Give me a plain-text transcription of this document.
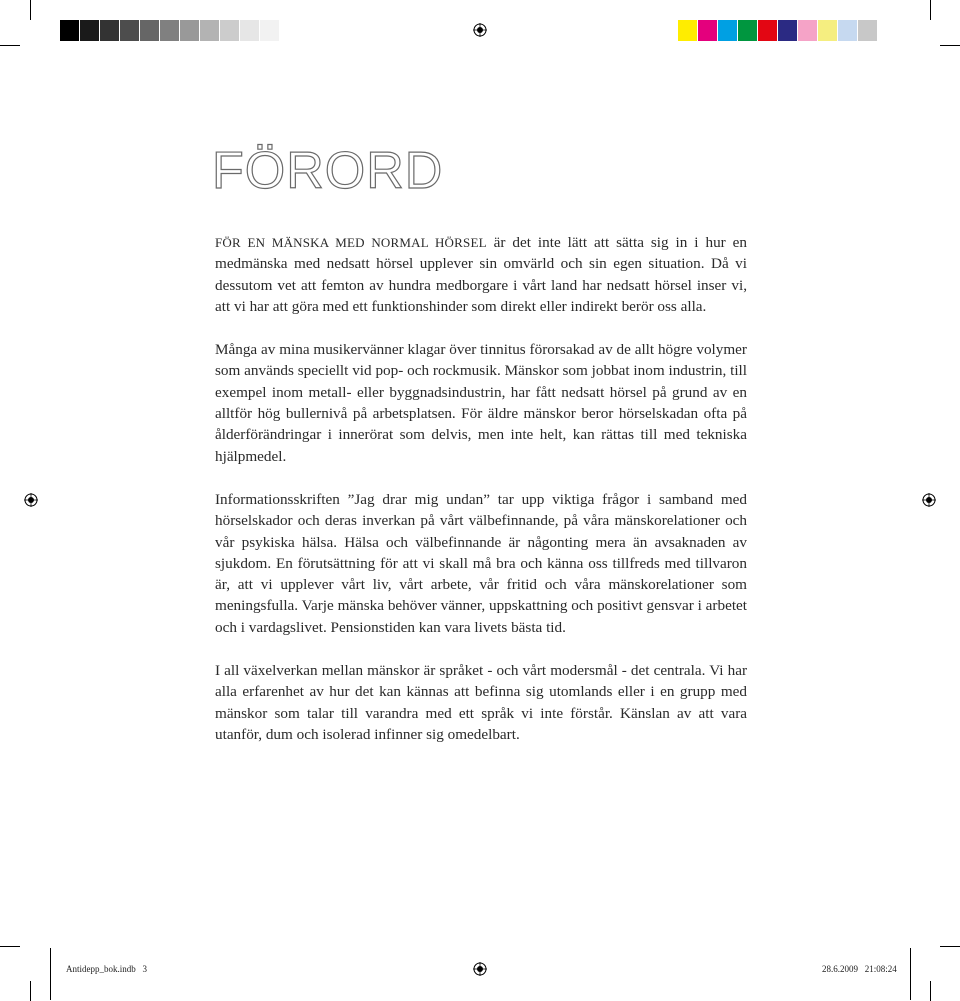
FÖRORD

FÖR EN MÄNSKA MED NORMAL HÖRSEL är det inte lätt att sätta sig in i hur en medmänska med nedsatt hörsel upplever sin omvärld och sin egen situation. Då vi dessutom vet att femton av hundra medborgare i vårt land har nedsatt hörsel inser vi, att vi har att göra med ett funktionshinder som direkt eller indirekt berör oss alla.

Många av mina musikervänner klagar över tinnitus förorsakad av de allt högre volymer som används speciellt vid pop- och rockmusik. Mänskor som jobbat inom industrin, till exempel inom metall- eller byggnadsindustrin, har fått nedsatt hörsel på grund av en alltför hög bullernivå på arbetsplatsen. För äldre mänskor beror hörselskadan ofta på ålderförändringar i innerörat som delvis, men inte helt, kan rättas till med tekniska hjälpmedel.

Informationsskriften ”Jag drar mig undan” tar upp viktiga frågor i samband med hörselskador och deras inverkan på vårt välbefinnande, på våra mänskorelationer och vår psykiska hälsa. Hälsa och välbefinnande är någonting mera än avsaknaden av sjukdom. En förutsättning för att vi skall må bra och känna oss tillfreds med tillvaron är, att vi upplever vårt liv, vårt arbete, vår fritid och våra mänskorelationer som meningsfulla. Varje mänska behöver vänner, uppskattning och positivt gensvar i arbetet och i vardagslivet. Pensionstiden kan vara livets bästa tid.

I all växelverkan mellan mänskor är språket - och vårt modersmål - det centrala. Vi har alla erfarenhet av hur det kan kännas att befinna sig utomlands eller i en grupp med mänskor som talar till varandra med ett språk vi inte förstår. Känslan av att vara utanför, dum och isolerad infinner sig omedelbart.

Antidepp_bok.indb   3	28.6.2009   21:08:24
